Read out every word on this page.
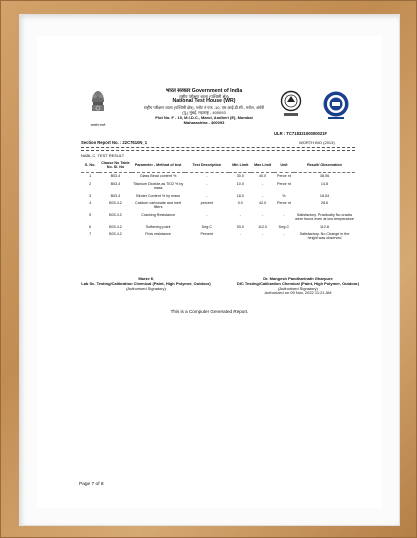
सत्यमेव जयते
भारत सरकार Government of India
राष्ट्रीय परीक्षण शाला (पश्चिमी क्षेत्र)
National Test House (WR)
राष्ट्रीय परीक्षण शाला (पश्चिमी क्षेत्र), प्लॉट नं एफ -10, एम.आई.डी.सी., मरोल, अंधेरी
(पू.) मुंबई, महाराष्ट्र - 400093
Plot No. F - 10, M.I.D.C., Marol, Andheri (E), Mumbai
Maharashtra - 400093
ULR : TC71832100000021F
Section Report No. : 22C7610N_1	WORTH BIO (2013)
NABL C. TEST RESULT
S. No.	Clause No Table No. Sl. No	Parameter - Method of test	Test Description	Min Limit	Max Limit	Unit	Result/ Observation
1	B03.4	Glass Bead content %	-	30.0	40.0	Perce nt	38.06
2	B03.4	Titanium Dioxide,as TiO2 % by mass	-	10.0	-	Perce nt	14.8
3	B03.4	Binder Content % by mass	-	18.0	-	%	18.54
4	B03.4.2	Calcium carbonate and inert fillers	percent	0.0	42.0	Perce nt	28.6
5	B03.4.2	Cracking Resistance	-	-	-	-	Satisfactory. Practically No cracks were found even at low temperature
6	B03.4.2	Softening point	Deg.C	93.0	112.0	Deg.C	112.8
7	B03.4.2	Flow resistance	Percent	-	-	-	Satisfactory. No Change in the height was observed
Marze K
Lab Sc. Testing/Calibration Chemical (Paint, High Polymer, Outdoor)
(Authorised Signatory)
Dr. Mangesh Pandharinath Gharpure
DIC Testing/Calibration Chemical (Paint, High Polymer, Outdoor)
(Authorised Signatory)
Authorized on 09 Nov, 2022 11:21 AM
This is a Computer Generated Report.
Page 7 of 8
